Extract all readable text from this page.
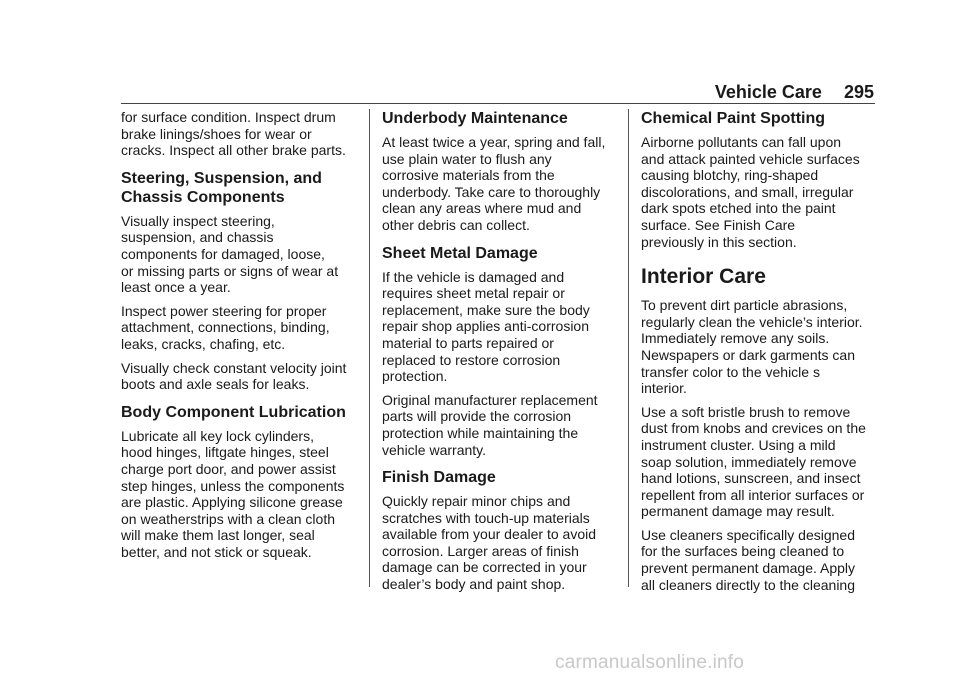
Vehicle Care 295
for surface condition. Inspect drum
brake linings/shoes for wear or
cracks. Inspect all other brake parts.
Steering, Suspension, and
Chassis Components
Visually inspect steering,
suspension, and chassis
components for damaged, loose,
or missing parts or signs of wear at
least once a year.
Inspect power steering for proper
attachment, connections, binding,
leaks, cracks, chafing, etc.
Visually check constant velocity joint
boots and axle seals for leaks.
Body Component Lubrication
Lubricate all key lock cylinders,
hood hinges, liftgate hinges, steel
charge port door, and power assist
step hinges, unless the components
are plastic. Applying silicone grease
on weatherstrips with a clean cloth
will make them last longer, seal
better, and not stick or squeak.
Underbody Maintenance
At least twice a year, spring and fall,
use plain water to flush any
corrosive materials from the
underbody. Take care to thoroughly
clean any areas where mud and
other debris can collect.
Sheet Metal Damage
If the vehicle is damaged and
requires sheet metal repair or
replacement, make sure the body
repair shop applies anti-corrosion
material to parts repaired or
replaced to restore corrosion
protection.
Original manufacturer replacement
parts will provide the corrosion
protection while maintaining the
vehicle warranty.
Finish Damage
Quickly repair minor chips and
scratches with touch-up materials
available from your dealer to avoid
corrosion. Larger areas of finish
damage can be corrected in your
dealer’s body and paint shop.
Chemical Paint Spotting
Airborne pollutants can fall upon
and attack painted vehicle surfaces
causing blotchy, ring-shaped
discolorations, and small, irregular
dark spots etched into the paint
surface. See Finish Care
previously in this section.
Interior Care
To prevent dirt particle abrasions,
regularly clean the vehicle’s interior.
Immediately remove any soils.
Newspapers or dark garments can
transfer color to the vehicle s
interior.
Use a soft bristle brush to remove
dust from knobs and crevices on the
instrument cluster. Using a mild
soap solution, immediately remove
hand lotions, sunscreen, and insect
repellent from all interior surfaces or
permanent damage may result.
Use cleaners specifically designed
for the surfaces being cleaned to
prevent permanent damage. Apply
all cleaners directly to the cleaning
carmanualsonline.info
